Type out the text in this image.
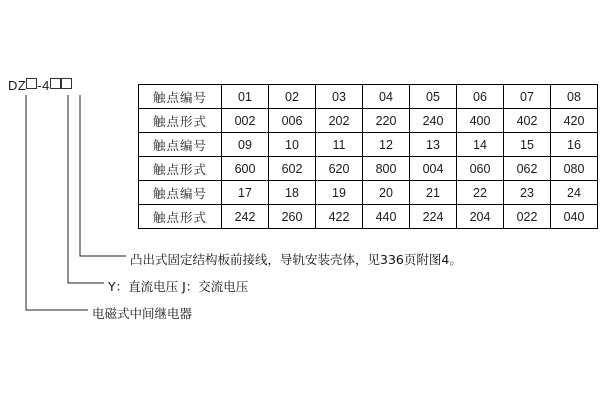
DZ -4
触点编号	01	02	03	04	05	06	07	08
触点形式	002	006	202	220	240	400	402	420
触点编号	09	10	11	12	13	14	15	16
触点形式	600	602	620	800	004	060	062	080
触点编号	17	18	19	20	21	22	23	24
触点形式	242	260	422	440	224	204	022	040
凸出式固定结构板前接线，导轨安装壳体，见336页附图4。
Y：直流电压 J：交流电压
电磁式中间继电器
